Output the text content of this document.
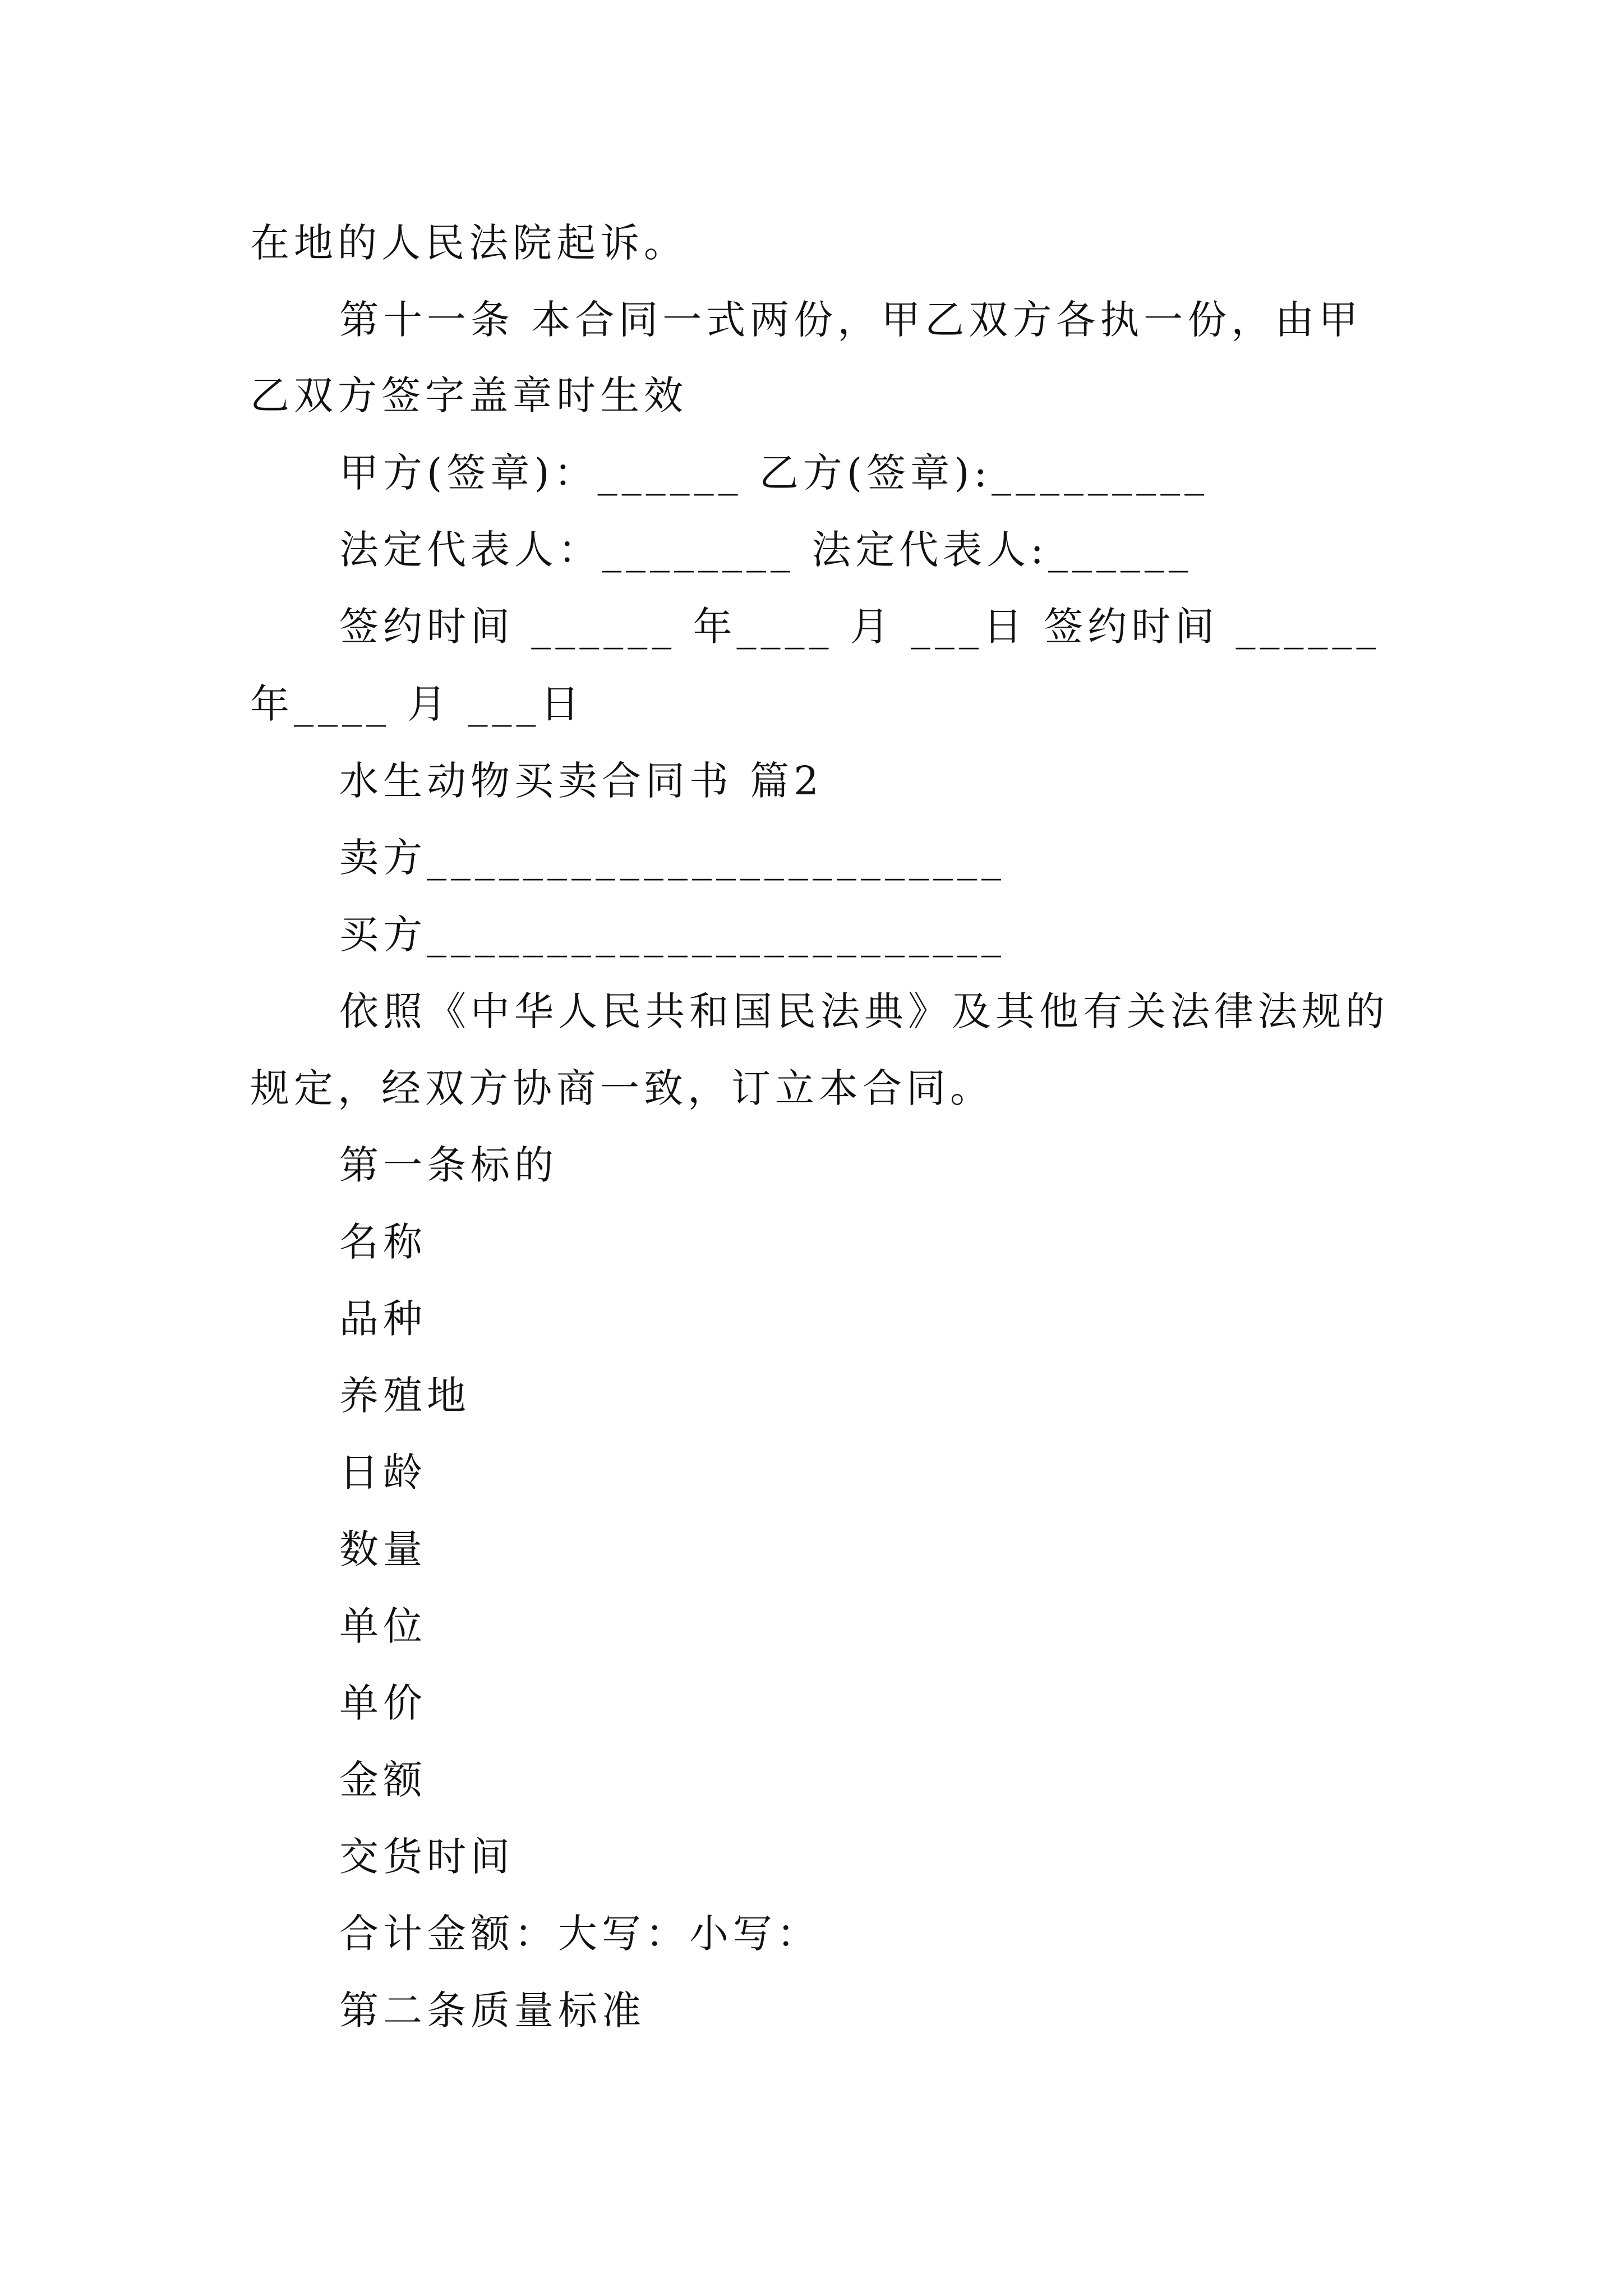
在地的人民法院起诉。
第十一条 本合同一式两份，甲乙双方各执一份，由甲
乙双方签字盖章时生效
甲方(签章)：______ 乙方(签章):_________
法定代表人：________ 法定代表人:______
签约时间 ______ 年____ 月 ___日 签约时间 ______
年____ 月 ___日
水生动物买卖合同书 篇2
卖方________________________
买方________________________
依照《中华人民共和国民法典》及其他有关法律法规的
规定，经双方协商一致，订立本合同。
第一条标的
名称
品种
养殖地
日龄
数量
单位
单价
金额
交货时间
合计金额：大写：小写：
第二条质量标准
